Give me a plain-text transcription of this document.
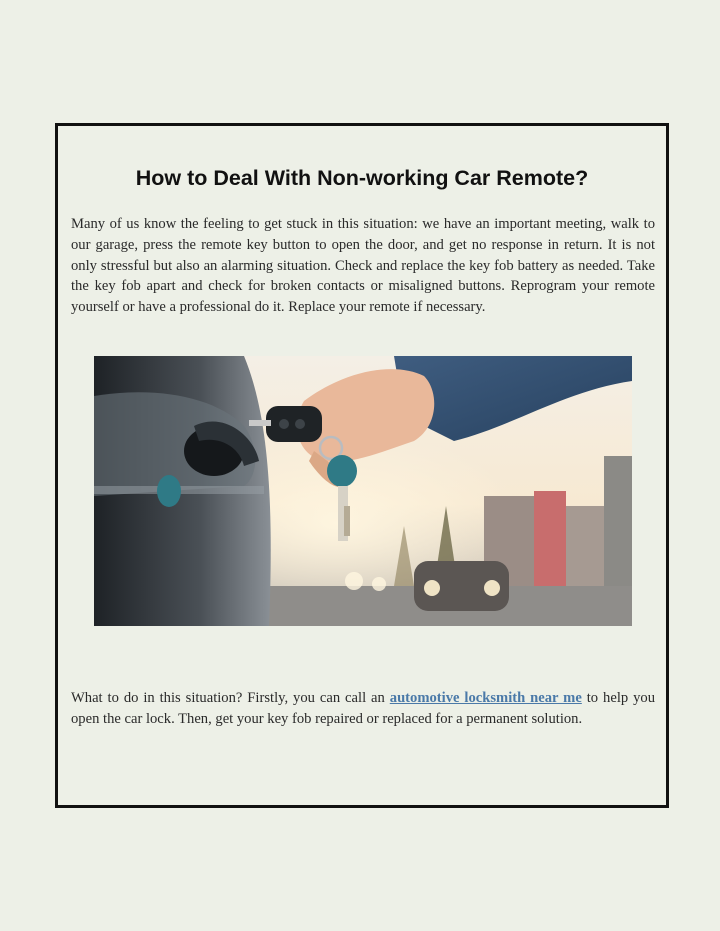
How to Deal With Non-working Car Remote?

Many of us know the feeling to get stuck in this situation: we have an important meeting, walk to our garage, press the remote key button to open the door, and get no response in return. It is not only stressful but also an alarming situation. Check and replace the key fob battery as needed. Take the key fob apart and check for broken contacts or misaligned buttons. Reprogram your remote yourself or have a professional do it. Replace your remote if necessary.

What to do in this situation? Firstly, you can call an automotive locksmith near me to help you open the car lock. Then, get your key fob repaired or replaced for a permanent solution.
